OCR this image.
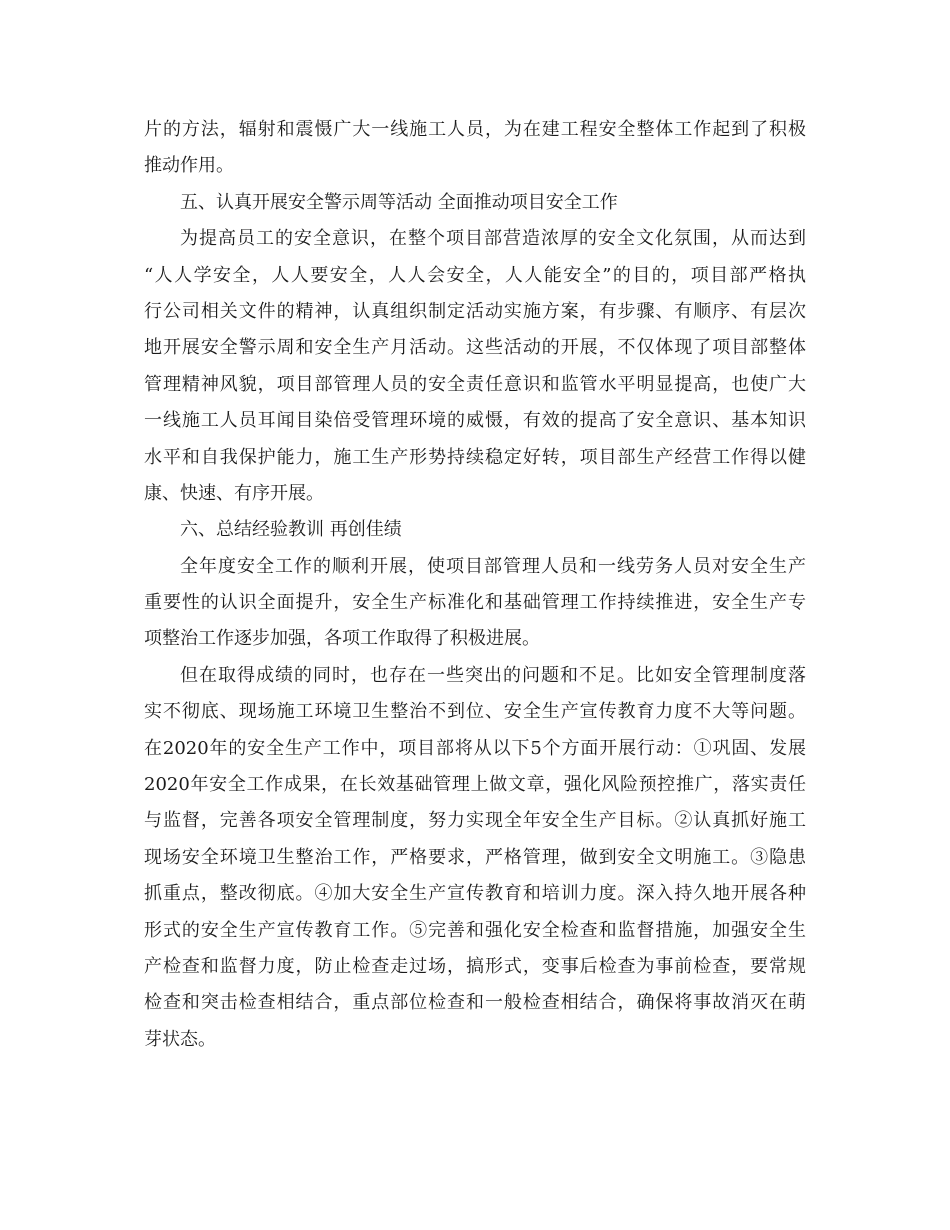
片的方法，辐射和震慑广大一线施工人员，为在建工程安全整体工作起到了积极
推动作用。
五、认真开展安全警示周等活动 全面推动项目安全工作
为提高员工的安全意识，在整个项目部营造浓厚的安全文化氛围，从而达到
“人人学安全，人人要安全，人人会安全，人人能安全”的目的，项目部严格执
行公司相关文件的精神，认真组织制定活动实施方案，有步骤、有顺序、有层次
地开展安全警示周和安全生产月活动。这些活动的开展，不仅体现了项目部整体
管理精神风貌，项目部管理人员的安全责任意识和监管水平明显提高，也使广大
一线施工人员耳闻目染倍受管理环境的威慑，有效的提高了安全意识、基本知识
水平和自我保护能力，施工生产形势持续稳定好转，项目部生产经营工作得以健
康、快速、有序开展。
六、总结经验教训 再创佳绩
全年度安全工作的顺利开展，使项目部管理人员和一线劳务人员对安全生产
重要性的认识全面提升，安全生产标准化和基础管理工作持续推进，安全生产专
项整治工作逐步加强，各项工作取得了积极进展。
但在取得成绩的同时，也存在一些突出的问题和不足。比如安全管理制度落
实不彻底、现场施工环境卫生整治不到位、安全生产宣传教育力度不大等问题。
在2020年的安全生产工作中，项目部将从以下5个方面开展行动：①巩固、发展
2020年安全工作成果，在长效基础管理上做文章，强化风险预控推广，落实责任
与监督，完善各项安全管理制度，努力实现全年安全生产目标。②认真抓好施工
现场安全环境卫生整治工作，严格要求，严格管理，做到安全文明施工。③隐患
抓重点，整改彻底。④加大安全生产宣传教育和培训力度。深入持久地开展各种
形式的安全生产宣传教育工作。⑤完善和强化安全检查和监督措施，加强安全生
产检查和监督力度，防止检查走过场，搞形式，变事后检查为事前检查，要常规
检查和突击检查相结合，重点部位检查和一般检查相结合，确保将事故消灭在萌
芽状态。
